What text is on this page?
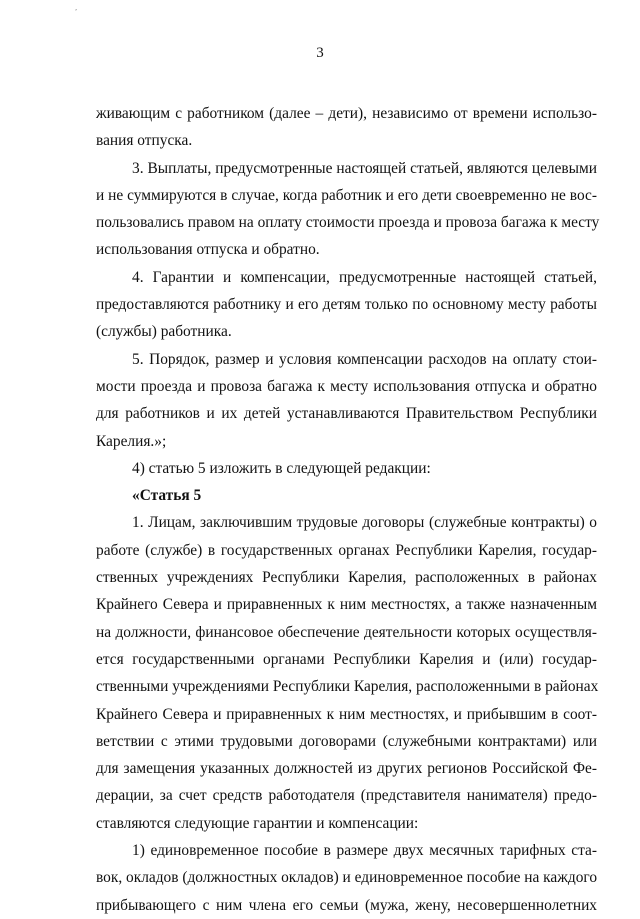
ʼ
3
живающим с работником (далее – дети), независимо от времени использо-
вания отпуска.
3. Выплаты, предусмотренные настоящей статьей, являются целевыми
и не суммируются в случае, когда работник и его дети своевременно не вос-
пользовались правом на оплату стоимости проезда и провоза багажа к месту
использования отпуска и обратно.
4. Гарантии и компенсации, предусмотренные настоящей статьей,
предоставляются работнику и его детям только по основному месту работы
(службы) работника.
5. Порядок, размер и условия компенсации расходов на оплату стои-
мости проезда и провоза багажа к месту использования отпуска и обратно
для работников и их детей устанавливаются Правительством Республики
Карелия.»;
4) статью 5 изложить в следующей редакции:
«Статья 5
1. Лицам, заключившим трудовые договоры (служебные контракты) о
работе (службе) в государственных органах Республики Карелия, государ-
ственных учреждениях Республики Карелия, расположенных в районах
Крайнего Севера и приравненных к ним местностях, а также назначенным
на должности, финансовое обеспечение деятельности которых осуществля-
ется государственными органами Республики Карелия и (или) государ-
ственными учреждениями Республики Карелия, расположенными в районах
Крайнего Севера и приравненных к ним местностях, и прибывшим в соот-
ветствии с этими трудовыми договорами (служебными контрактами) или
для замещения указанных должностей из других регионов Российской Фе-
дерации, за счет средств работодателя (представителя нанимателя) предо-
ставляются следующие гарантии и компенсации:
1) единовременное пособие в размере двух месячных тарифных ста-
вок, окладов (должностных окладов) и единовременное пособие на каждого
прибывающего с ним члена его семьи (мужа, жену, несовершеннолетних
